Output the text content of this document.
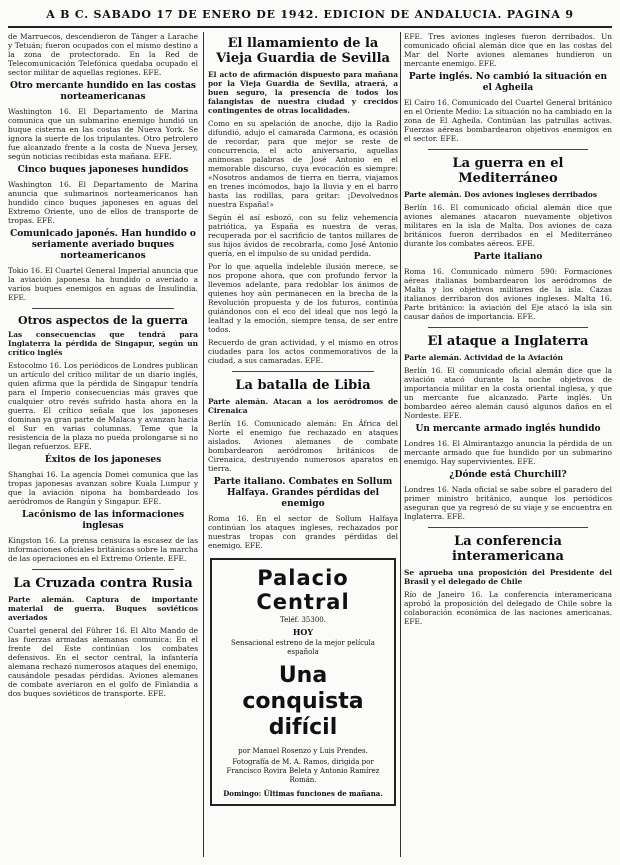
A B C. SABADO 17 DE ENERO DE 1942. EDICION DE ANDALUCIA. PAGINA 9

de Marruecos, descendieron de Tánger a Larache y Tetuán; fueron ocupados con el mismo destino a la zona de protectorado. En la Red de Telecomunicación Telefónica quedaba ocupado el sector militar de aquellas regiones. EFE.

Otro mercante hundido en las costas norteamericanas

Washington 16. El Departamento de Marina comunica que un submarino enemigo hundió un buque cisterna en las costas de Nueva York. Se ignora la suerte de los tripulantes. Otro petrolero fue alcanzado frente a la costa de Nueva Jersey, según noticias recibidas esta mañana. EFE.

Cinco buques japoneses hundidos

Washington 16. El Departamento de Marina anuncia que submarinos norteamericanos han hundido cinco buques japoneses en aguas del Extremo Oriente, uno de ellos de transporte de tropas. EFE.

Comunicado japonés. Han hundido o seriamente averiado buques norteamericanos

Tokio 16. El Cuartel General Imperial anuncia que la aviación japonesa ha hundido o averiado a varios buques enemigos en aguas de Insulindia. EFE.

Otros aspectos de la guerra

Las consecuencias que tendrá para Inglaterra la pérdida de Singapur, según un crítico inglés

Estocolmo 16. Los periódicos de Londres publican un artículo del crítico militar de un diario inglés, quien afirma que la pérdida de Singapur tendría para el Imperio consecuencias más graves que cualquier otro revés sufrido hasta ahora en la guerra. El crítico señala que los japoneses dominan ya gran parte de Malaca y avanzan hacia el Sur en varias columnas. Teme que la resistencia de la plaza no pueda prolongarse si no llegan refuerzos. EFE.

Éxitos de los japoneses

Shanghai 16. La agencia Domei comunica que las tropas japonesas avanzan sobre Kuala Lumpur y que la aviación nipona ha bombardeado los aeródromos de Rangún y Singapur. EFE.

Lacónismo de las informaciones inglesas

Kingston 16. La prensa censura la escasez de las informaciones oficiales británicas sobre la marcha de las operaciones en el Extremo Oriente. EFE.

La Cruzada contra Rusia

Parte alemán. Captura de importante material de guerra. Buques soviéticos averiados

Cuartel general del Führer 16. El Alto Mando de las fuerzas armadas alemanas comunica: En el frente del Este continúan los combates defensivos. En el sector central, la infantería alemana rechazó numerosos ataques del enemigo, causándole pesadas pérdidas. Aviones alemanes de combate averiaron en el golfo de Finlandia a dos buques soviéticos de transporte. EFE.

El llamamiento de la Vieja Guardia de Sevilla

El acto de afirmación dispuesto para mañana por la Vieja Guardia de Sevilla, atraerá, a buen seguro, la presencia de todos los falangistas de nuestra ciudad y crecidos contingentes de otras localidades.

Como en su apelación de anoche, dijo la Radio difundió, adujo el camarada Carmona, es ocasión de recordar, para que mejor se reste de concurrencia, el acto aniversario, aquellas animosas palabras de José Antonio en el memorable discurso, cuya evocación es siempre: «Nosotros andamos de tierra en tierra, viajamos en trenes incómodos, bajo la lluvia y en el barro hasta las rodillas, para gritar: ¡Devolvednos nuestra España!»

Según él así esbozó, con su feliz vehemencia patriótica, ya España es nuestra de veras, recuperada por el sacrificio de tantos millares de sus hijos ávidos de recobrarla, como José Antonio quería, en el impulso de su unidad perdida.

Por lo que aquella indeleble ilusión merece, se nos propone ahora, que con profundo fervor la llevemos adelante, para redoblar los ánimos de quienes hoy aún permanecen en la brecha de la Revolución propuesta y de los futuros, continúa guiándonos con el eco del ideal que nos legó la lealtad y la emoción, siempre tensa, de ser entre todos.

Recuerdo de gran actividad, y el mismo en otros ciudades para los actos conmemorativos de la ciudad, a sus camaradas. EFE.

La batalla de Libia

Parte alemán. Atacan a los aeródromos de Cirenaica

Berlín 16. Comunicado alemán: En África del Norte el enemigo fue rechazado en ataques aislados. Aviones alemanes de combate bombardearon aeródromos británicos de Cirenaica, destruyendo numerosos aparatos en tierra.

Parte italiano. Combates en Sollum Halfaya. Grandes pérdidas del enemigo

Roma 16. En el sector de Sollum Halfaya continúan los ataques ingleses, rechazados por nuestras tropas con grandes pérdidas del enemigo. EFE.

Palacio Central
Teléf. 35300.
HOY
Sensacional estreno de la mejor película española
Una conquista difícil
por Manuel Rosenzo y Luis Prendes.
Fotografía de M. A. Ramos, dirigida por Francisco Rovira Beleta y Antonio Ramírez Román.
Domingo: Últimas funciones de mañana.

EFE. Tres aviones ingleses fueron derribados. Un comunicado oficial alemán dice que en las costas del Mar del Norte aviones alemanes hundieron un mercante enemigo. EFE.

Parte inglés. No cambió la situación en el Agheila

El Cairo 16. Comunicado del Cuartel General británico en el Oriente Medio: La situación no ha cambiado en la zona de El Agheila. Continúan las patrullas activas. Fuerzas aéreas bombardearon objetivos enemigos en el sector. EFE.

La guerra en el Mediterráneo

Parte alemán. Dos aviones ingleses derribados

Berlín 16. El comunicado oficial alemán dice que aviones alemanes atacaron nuevamente objetivos militares en la isla de Malta. Dos aviones de caza británicos fueron derribados en el Mediterráneo durante los combates aéreos. EFE.

Parte italiano

Roma 16. Comunicado número 590: Formaciones aéreas italianas bombardearon los aeródromos de Malta y los objetivos militares de la isla. Cazas italianos derribaron dos aviones ingleses. Malta 16. Parte británico: la aviación del Eje atacó la isla sin causar daños de importancia. EFE.

El ataque a Inglaterra

Parte alemán. Actividad de la Aviación

Berlín 16. El comunicado oficial alemán dice que la aviación atacó durante la noche objetivos de importancia militar en la costa oriental inglesa, y que un mercante fue alcanzado. Parte inglés. Un bombardeo aéreo alemán causó algunos daños en el Nordeste. EFE.

Un mercante armado inglés hundido

Londres 16. El Almirantazgo anuncia la pérdida de un mercante armado que fue hundido por un submarino enemigo. Hay supervivientes. EFE.

¿Dónde está Churchill?

Londres 16. Nada oficial se sabe sobre el paradero del primer ministro británico, aunque los periódicos aseguran que ya regresó de su viaje y se encuentra en Inglaterra. EFE.

La conferencia interamericana

Se aprueba una proposición del Presidente del Brasil y el delegado de Chile

Río de Janeiro 16. La conferencia interamericana aprobó la proposición del delegado de Chile sobre la colaboración económica de las naciones americanas. EFE.
